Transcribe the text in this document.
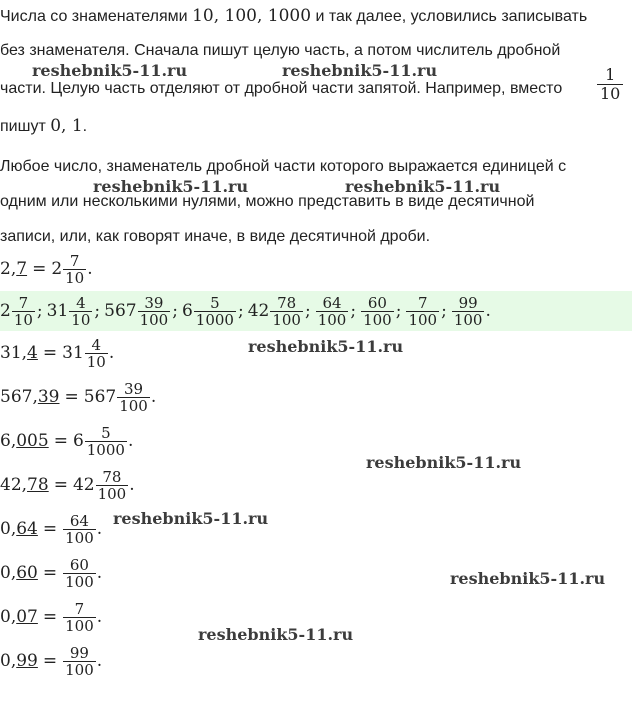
Числа со знаменателями 10, 100, 1000 и так далее, условились записывать
без знаменателя. Сначала пишут целую часть, а потом числитель дробной
части. Целую часть отделяют от дробной части запятой. Например, вместо $\frac{1}{10}$
пишут 0, 1.
Любое число, знаменатель дробной части которого выражается единицей с
одним или несколькими нулями, можно представить в виде десятичной
записи, или, как говорят иначе, в виде десятичной дроби.
2, $7 = 2 \frac{7}{10}$ .
$2 \frac{7}{10}$ ; $31 \frac{4}{10}$ ; $567 \frac{39}{100}$ ; $6 \frac{5}{1000}$ ; $42 \frac{78}{100}$ ; $\frac{64}{100}$ ; $\frac{60}{100}$ ; $\frac{7}{100}$ ; $\frac{99}{100}$ .
31, $4 = 31 \frac{4}{10}$ .
567, $39 = 567 \frac{39}{100}$ .
6, $005 = 6 \frac{5}{1000}$ .
42, $78 = 42 \frac{78}{100}$ .
0, $64 = \frac{64}{100}$ .
0, $60 = \frac{60}{100}$ .
0, $07 = \frac{7}{100}$ .
0, $99 = \frac{99}{100}$ .
reshebnik5-11.ru	reshebnik5-11.ru
reshebnik5-11.ru	reshebnik5-11.ru
reshebnik5-11.ru
reshebnik5-11.ru
reshebnik5-11.ru
reshebnik5-11.ru
reshebnik5-11.ru
